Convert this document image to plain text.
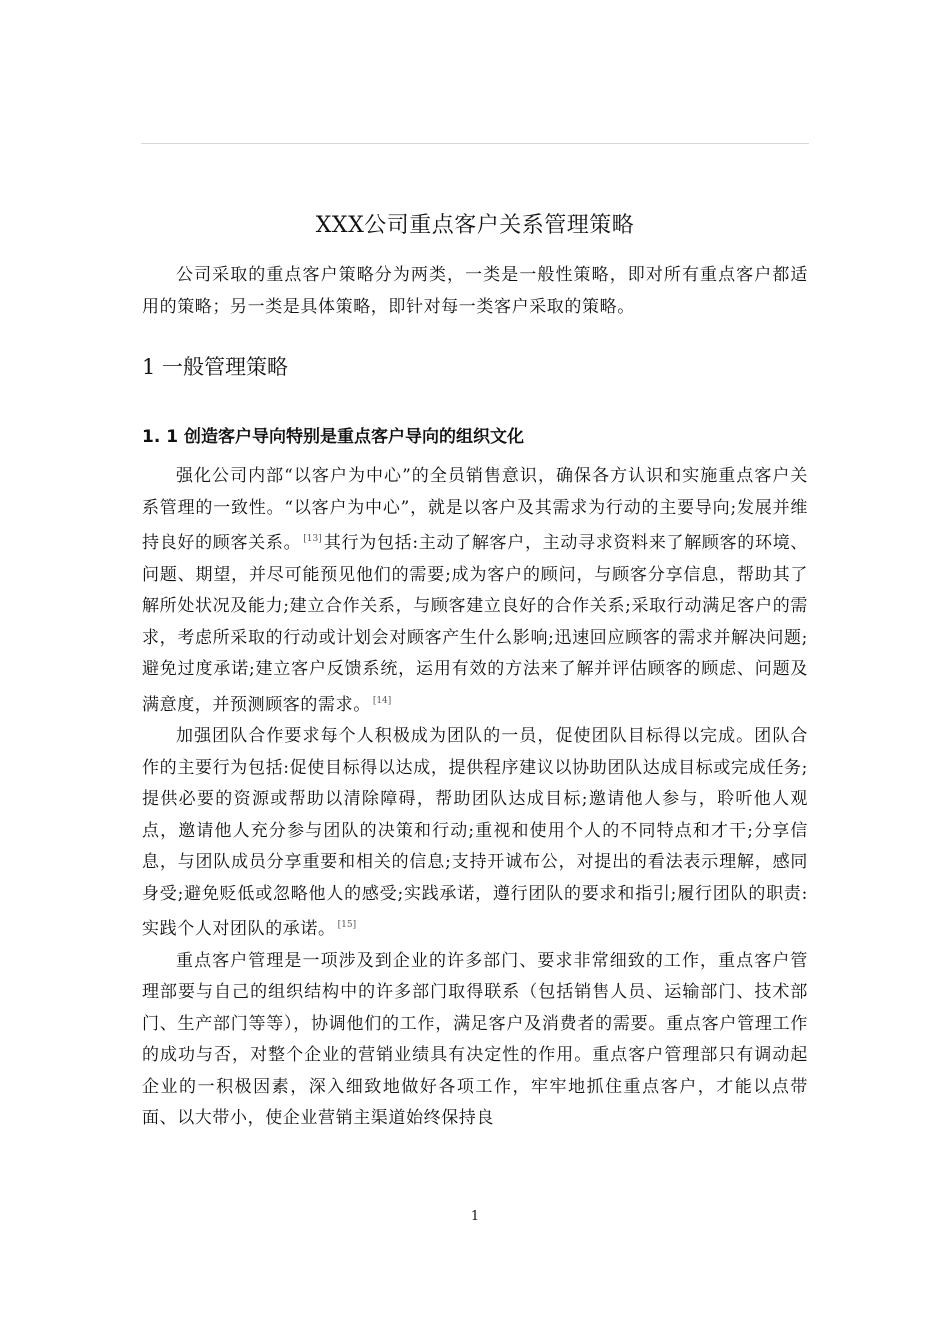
XXX公司重点客户关系管理策略

公司采取的重点客户策略分为两类，一类是一般性策略，即对所有重点客户都适用的策略；另一类是具体策略，即针对每一类客户采取的策略。

1 一般管理策略
1. 1 创造客户导向特别是重点客户导向的组织文化

强化公司内部“以客户为中心”的全员销售意识，确保各方认识和实施重点客户关系管理的一致性。“以客户为中心”，就是以客户及其需求为行动的主要导向;发展并维持良好的顾客关系。 [13] 其行为包括:主动了解客户，主动寻求资料来了解顾客的环境、问题、期望，并尽可能预见他们的需要;成为客户的顾问，与顾客分享信息，帮助其了解所处状况及能力;建立合作关系，与顾客建立良好的合作关系;采取行动满足客户的需求，考虑所采取的行动或计划会对顾客产生什么影响;迅速回应顾客的需求并解决问题;避免过度承诺;建立客户反馈系统，运用有效的方法来了解并评估顾客的顾虑、问题及满意度，并预测顾客的需求。 [14]

加强团队合作要求每个人积极成为团队的一员，促使团队目标得以完成。团队合作的主要行为包括:促使目标得以达成，提供程序建议以协助团队达成目标或完成任务;提供必要的资源或帮助以清除障碍，帮助团队达成目标;邀请他人参与，聆听他人观点，邀请他人充分参与团队的决策和行动;重视和使用个人的不同特点和才干;分享信息，与团队成员分享重要和相关的信息;支持开诚布公，对提出的看法表示理解，感同身受;避免贬低或忽略他人的感受;实践承诺，遵行团队的要求和指引;履行团队的职责:实践个人对团队的承诺。 [15]

重点客户管理是一项涉及到企业的许多部门、要求非常细致的工作，重点客户管理部要与自己的组织结构中的许多部门取得联系（包括销售人员、运输部门、技术部门、生产部门等等），协调他们的工作，满足客户及消费者的需要。重点客户管理工作的成功与否，对整个企业的营销业绩具有决定性的作用。重点客户管理部只有调动起企业的一积极因素，深入细致地做好各项工作，牢牢地抓住重点客户，才能以点带面、以大带小，使企业营销主渠道始终保持良

1
